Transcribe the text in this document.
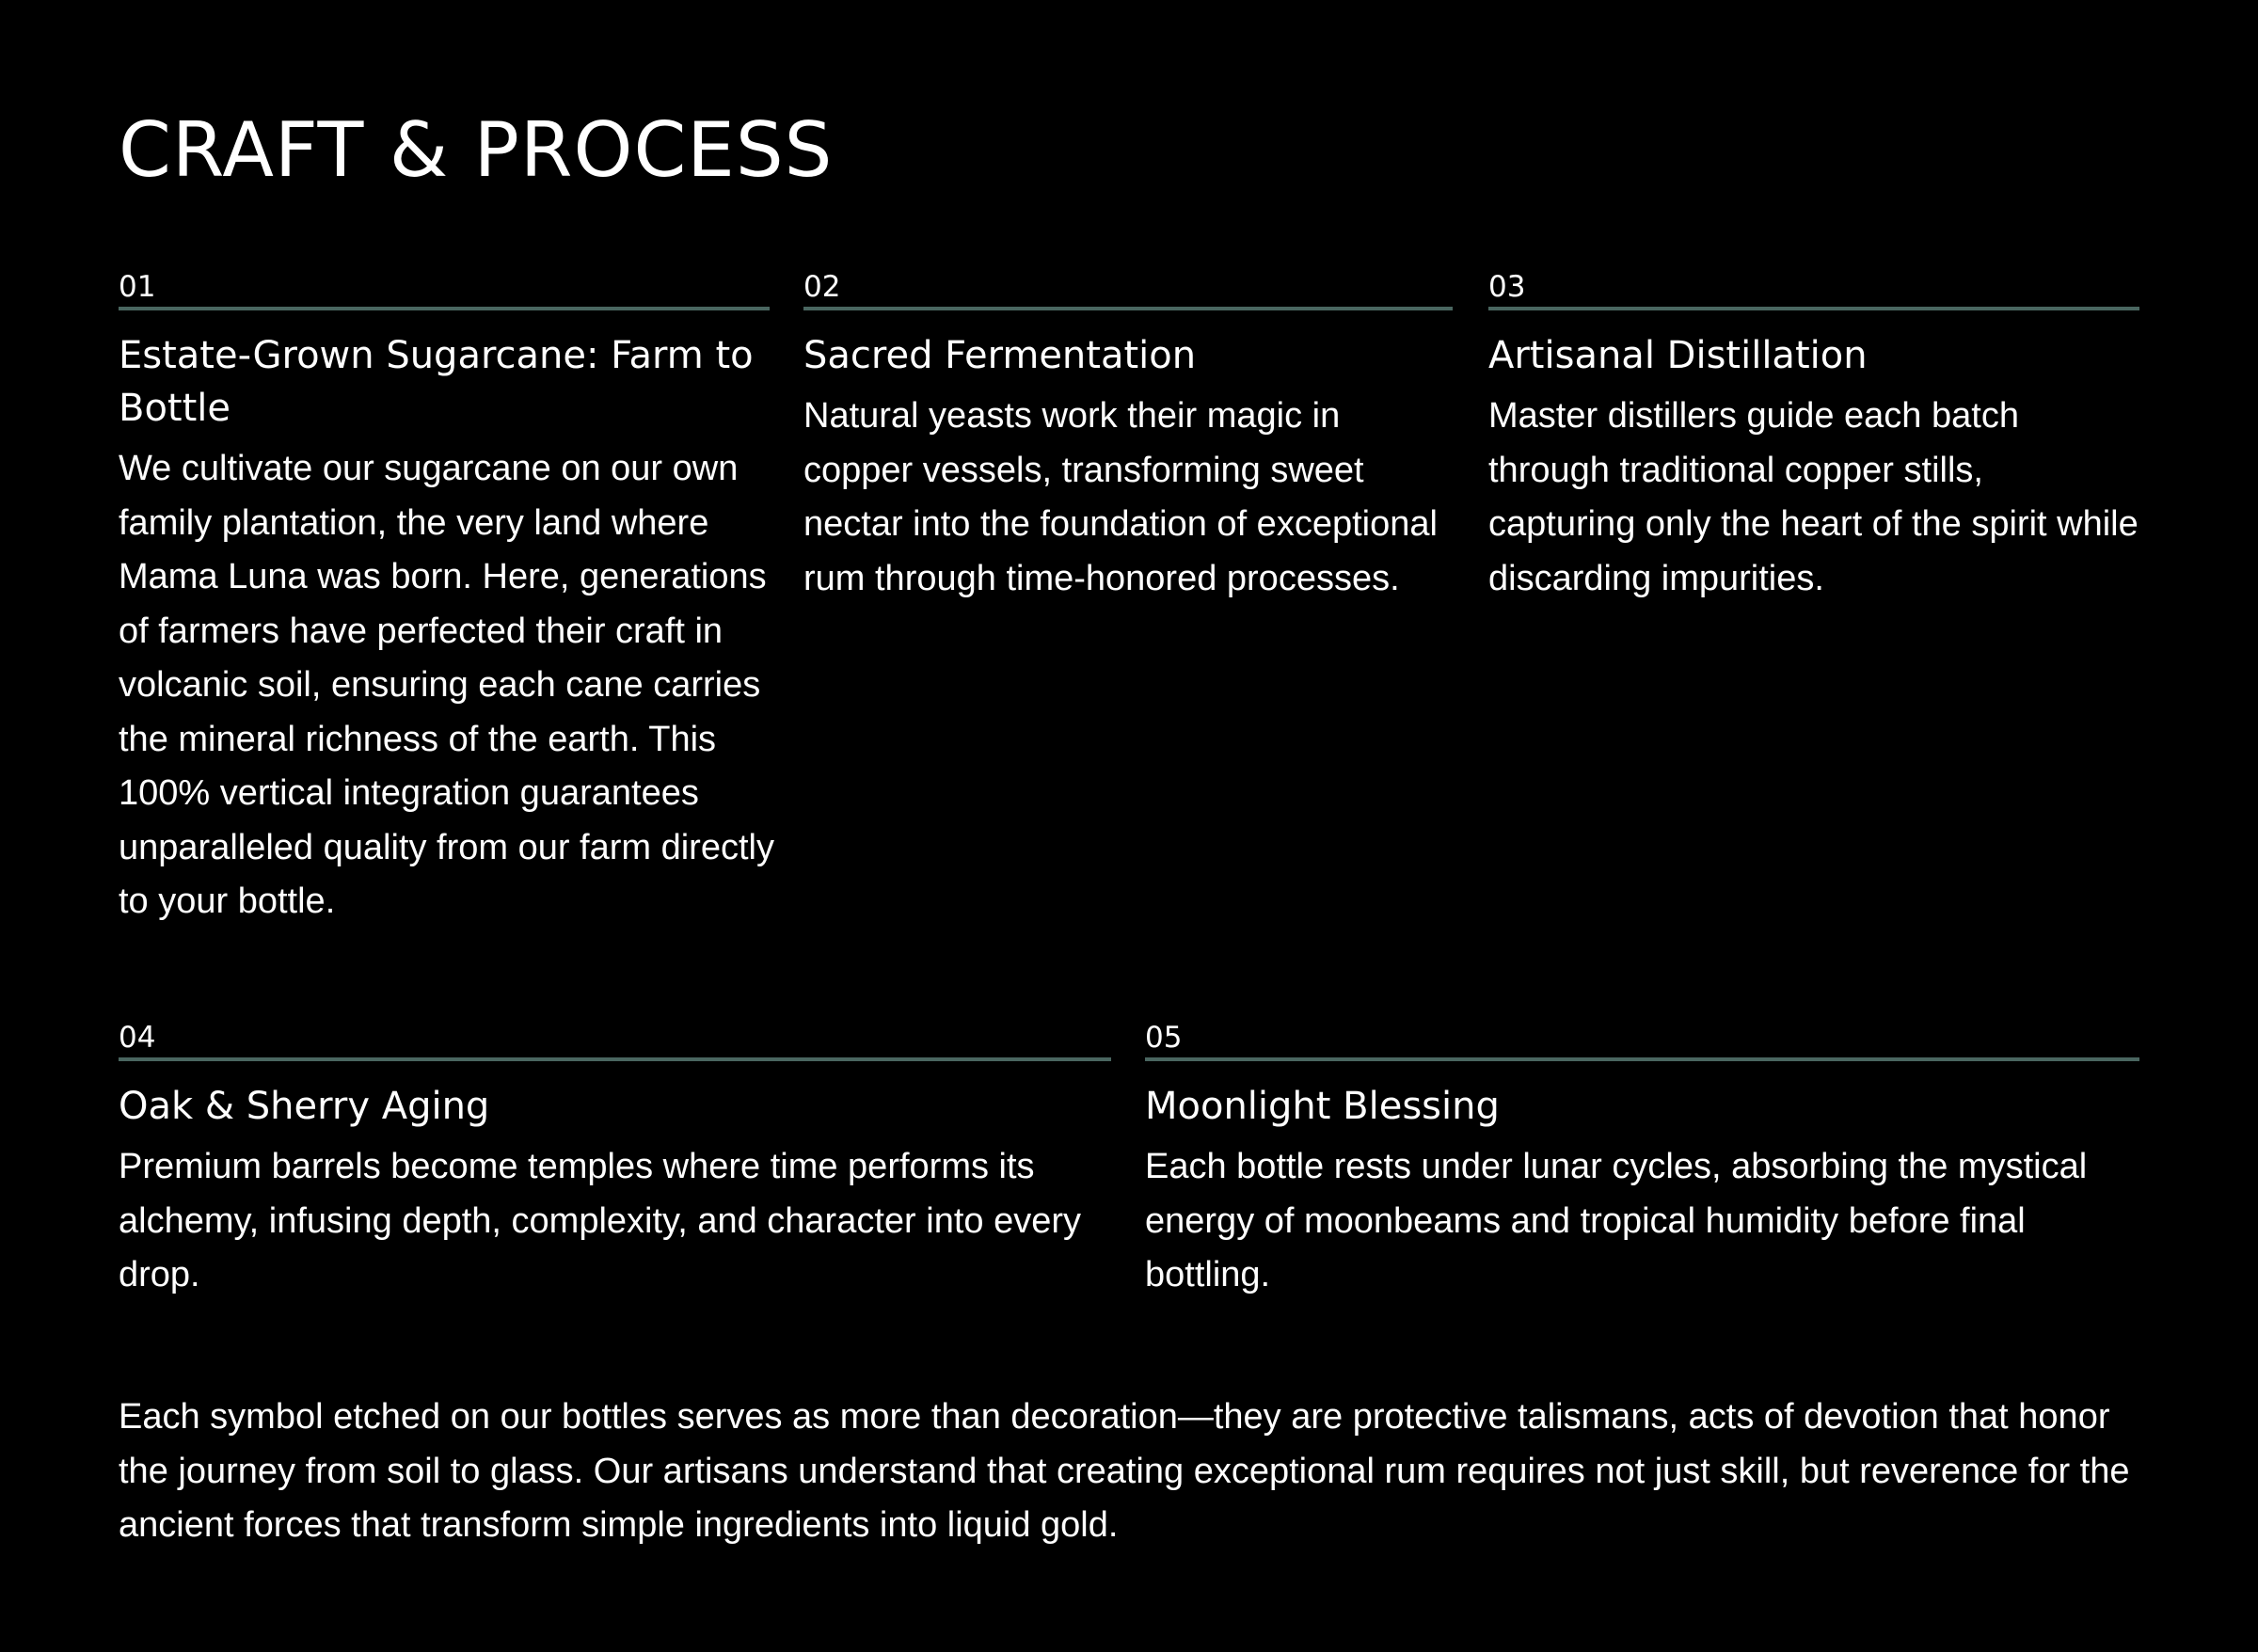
CRAFT & PROCESS
01
Estate-Grown Sugarcane: Farm to Bottle
We cultivate our sugarcane on our own family plantation, the very land where Mama Luna was born. Here, generations of farmers have perfected their craft in volcanic soil, ensuring each cane carries the mineral richness of the earth. This 100% vertical integration guarantees unparalleled quality from our farm directly to your bottle.
02
Sacred Fermentation
Natural yeasts work their magic in copper vessels, transforming sweet nectar into the foundation of exceptional rum through time-honored processes.
03
Artisanal Distillation
Master distillers guide each batch through traditional copper stills, capturing only the heart of the spirit while discarding impurities.
04
Oak & Sherry Aging
Premium barrels become temples where time performs its alchemy, infusing depth, complexity, and character into every drop.
05
Moonlight Blessing
Each bottle rests under lunar cycles, absorbing the mystical energy of moonbeams and tropical humidity before final bottling.

Each symbol etched on our bottles serves as more than decoration—they are protective talismans, acts of devotion that honor the journey from soil to glass. Our artisans understand that creating exceptional rum requires not just skill, but reverence for the ancient forces that transform simple ingredients into liquid gold.
